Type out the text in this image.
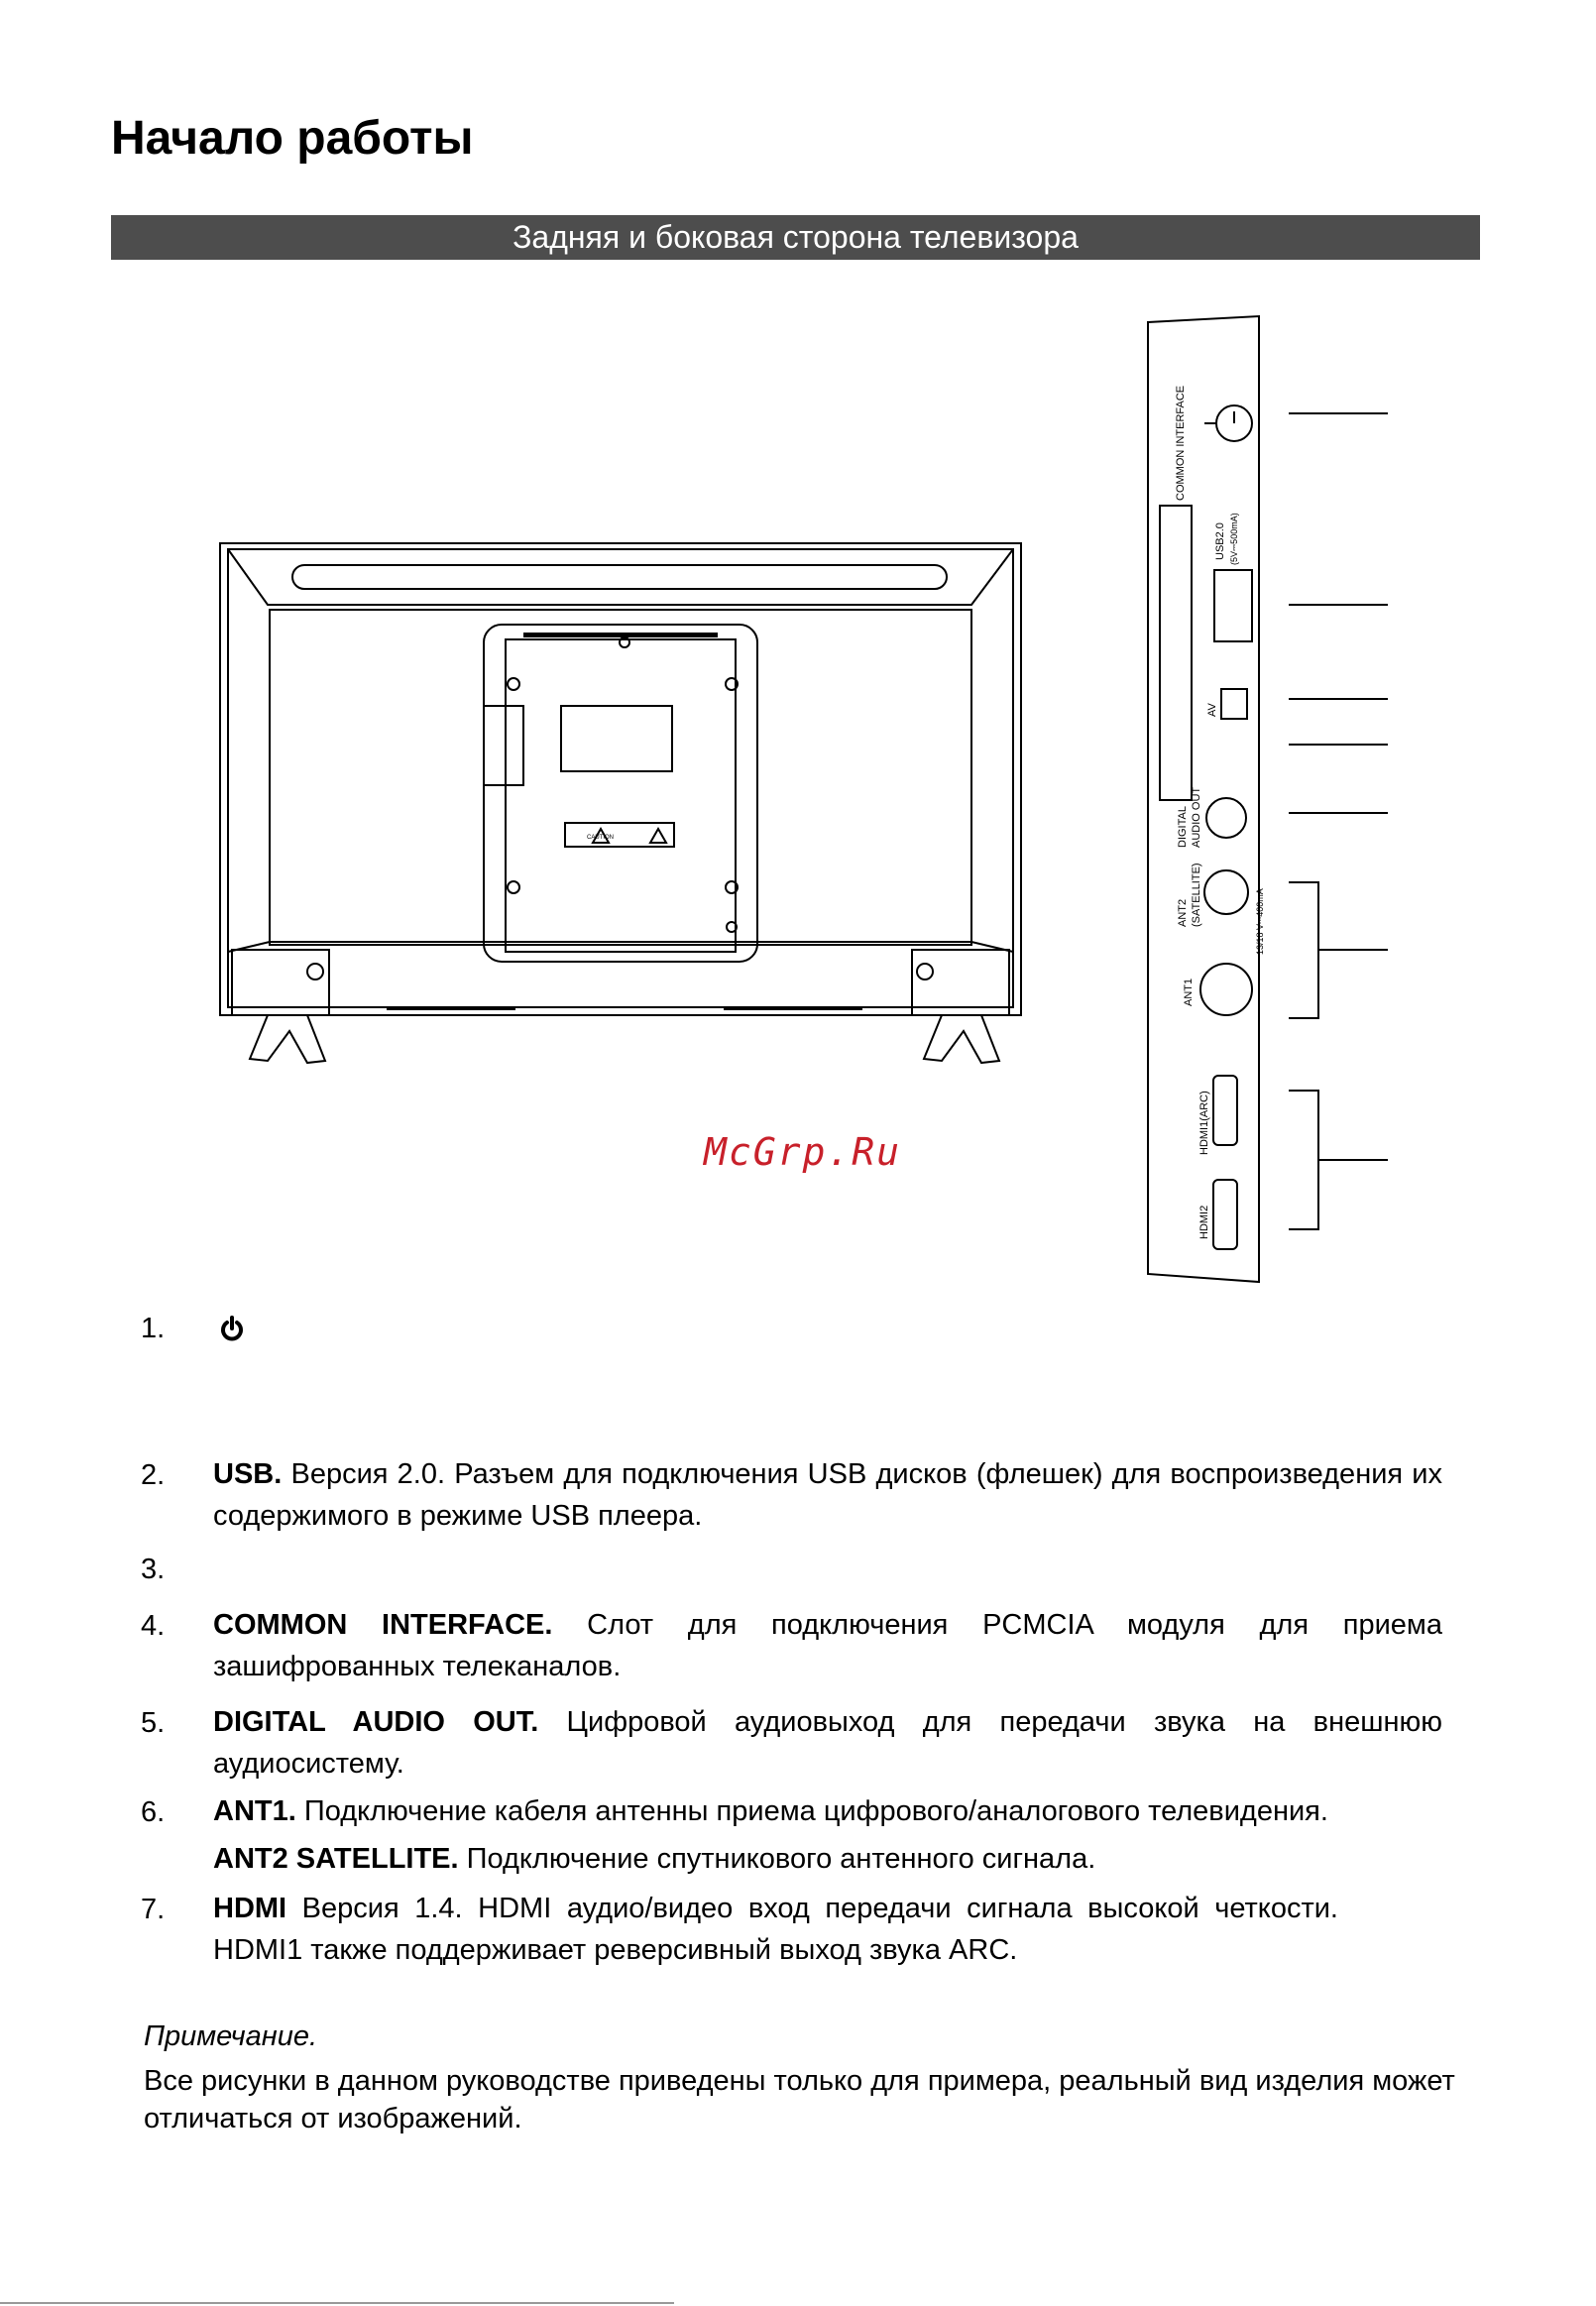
Начало работы
Задняя и боковая сторона телевизора
CAUTION
COMMON INTERFACE
USB2.0 (5V⎓500mA)
AV
DIGITAL AUDIO OUT
ANT2 (SATELLITE)	13/18 V⎓400mA
ANT1
HDMI1(ARC)
HDMI2
McGrp.Ru
1.
2. USB. Версия 2.0. Разъем для подключения USB дисков (флешек) для воспроизведения их содержимого в режиме USB плеера.
3.
4. COMMON INTERFACE. Слот для подключения PCMCIA модуля для приема зашифрованных телеканалов.
5. DIGITAL AUDIO OUT. Цифровой аудиовыход для передачи звука на внешнюю аудиосистему.
6. ANT1. Подключение кабеля антенны приема цифрового/аналогового телевидения.
ANT2 SATELLITE. Подключение спутникового антенного сигнала.
7. HDMI Версия 1.4. HDMI аудио/видео вход передачи сигнала высокой четкости. HDMI1 также поддерживает реверсивный выход звука ARC.
Примечание.
Все рисунки в данном руководстве приведены только для примера, реальный вид изделия может отличаться от изображений.
